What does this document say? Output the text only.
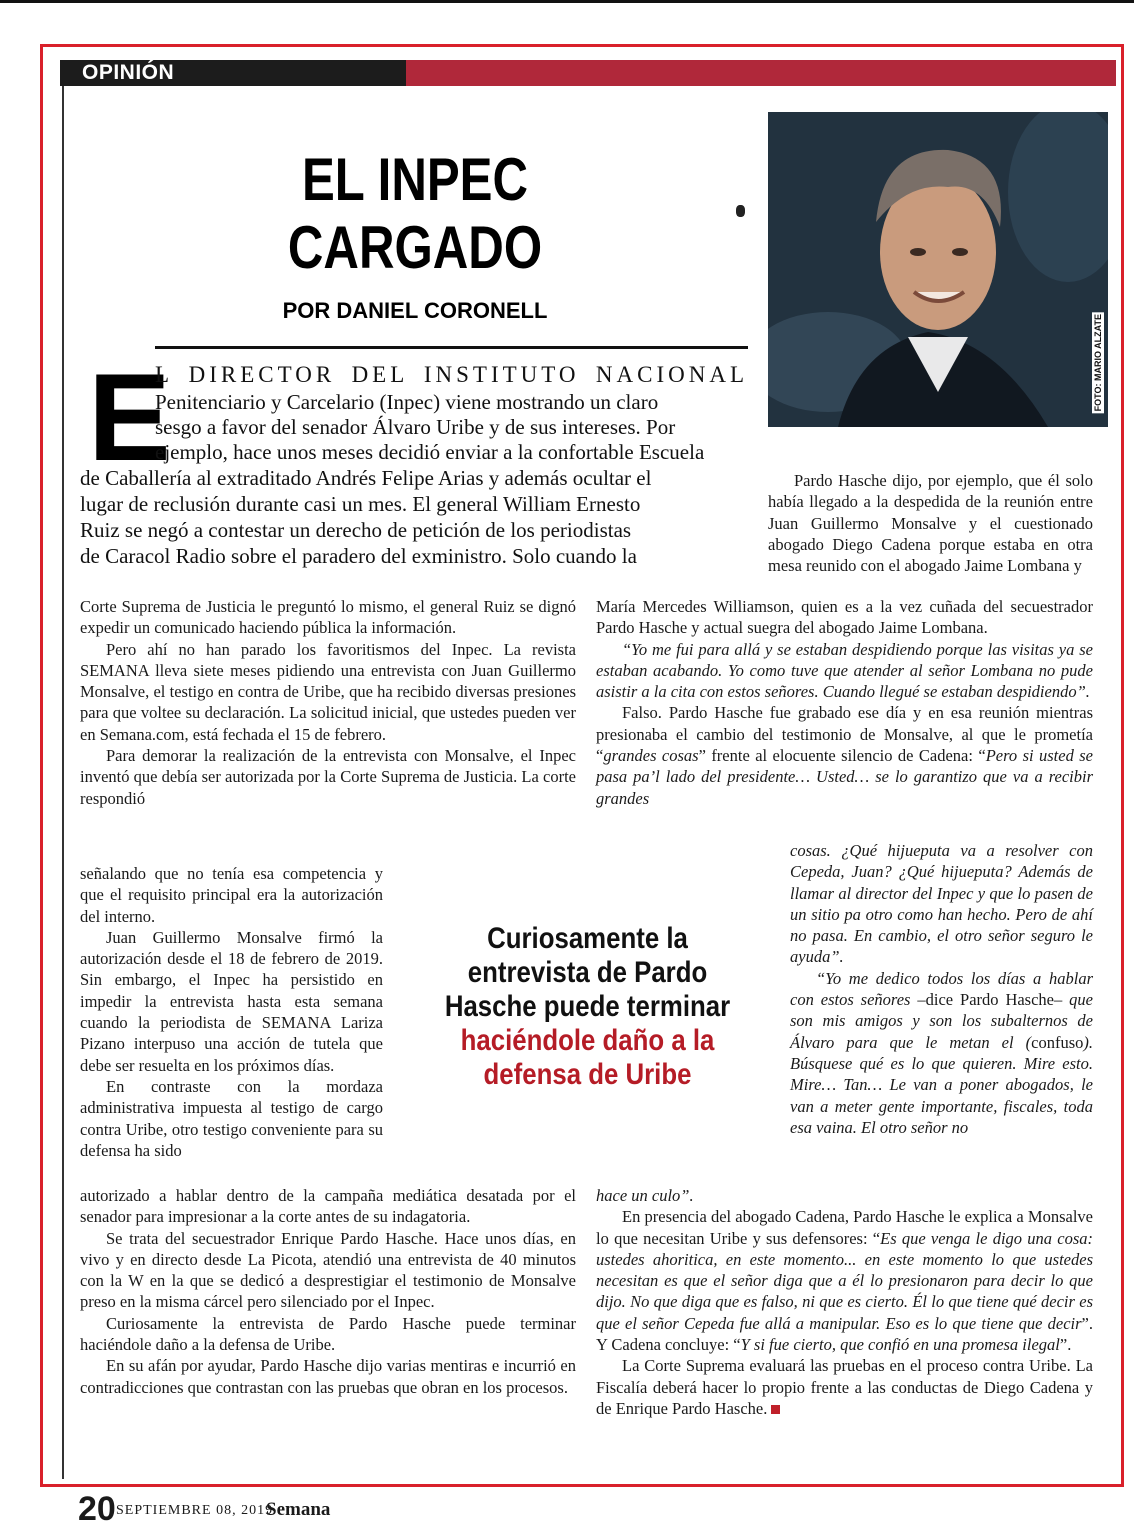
OPINIÓN
EL INPEC
CARGADO
POR DANIEL CORONELL
FOTO: MARIO ALZATE
E
L DIRECTOR DEL INSTITUTO NACIONAL
Penitenciario y Carcelario (Inpec) viene mostrando un claro
sesgo a favor del senador Álvaro Uribe y de sus intereses. Por
ejemplo, hace unos meses decidió enviar a la confortable Escuela
de Caballería al extraditado Andrés Felipe Arias y además ocultar el
lugar de reclusión durante casi un mes. El general William Ernesto
Ruiz se negó a contestar un derecho de petición de los periodistas
de Caracol Radio sobre el paradero del exministro. Solo cuando la

Corte Suprema de Justicia le preguntó lo mismo, el general Ruiz se dignó expedir un comunicado haciendo pública la información.

Pero ahí no han parado los favoritismos del Inpec. La revista SEMANA lleva siete meses pidiendo una entrevista con Juan Guillermo Monsalve, el testigo en contra de Uribe, que ha recibido diversas presiones para que voltee su declaración. La solicitud inicial, que ustedes pueden ver en Semana.com, está fechada el 15 de febrero.

Para demorar la realización de la entrevista con Monsalve, el Inpec inventó que debía ser autorizada por la Corte Suprema de Justicia. La corte respondió

señalando que no tenía esa competencia y que el requisito principal era la autorización del interno.

Juan Guillermo Monsalve firmó la autorización desde el 18 de febrero de 2019. Sin embargo, el Inpec ha persistido en impedir la entrevista hasta esta semana cuando la periodista de SEMANA Lariza Pizano interpuso una acción de tutela que debe ser resuelta en los próximos días.

En contraste con la mordaza administrativa impuesta al testigo de cargo contra Uribe, otro testigo conveniente para su defensa ha sido

autorizado a hablar dentro de la campaña mediática desatada por el senador para impresionar a la corte antes de su indagatoria.

Se trata del secuestrador Enrique Pardo Hasche. Hace unos días, en vivo y en directo desde La Picota, atendió una entrevista de 40 minutos con la W en la que se dedicó a desprestigiar el testimonio de Monsalve preso en la misma cárcel pero silenciado por el Inpec.

Curiosamente la entrevista de Pardo Hasche puede terminar haciéndole daño a la defensa de Uribe.

En su afán por ayudar, Pardo Hasche dijo varias mentiras e incurrió en contradicciones que contrastan con las pruebas que obran en los procesos.

Curiosamente la entrevista de Pardo Hasche puede terminar haciéndole daño a la defensa de Uribe

Pardo Hasche dijo, por ejemplo, que él solo había llegado a la despedida de la reunión entre Juan Guillermo Monsalve y el cuestionado abogado Diego Cadena porque estaba en otra mesa reunido con el abogado Jaime Lombana y

María Mercedes Williamson, quien es a la vez cuñada del secuestrador Pardo Hasche y actual suegra del abogado Jaime Lombana.

“Yo me fui para allá y se estaban despidiendo porque las visitas ya se estaban acabando. Yo como tuve que atender al señor Lombana no pude asistir a la cita con estos señores. Cuando llegué se estaban despidiendo”.

Falso. Pardo Hasche fue grabado ese día y en esa reunión mientras presionaba el cambio del testimonio de Monsalve, al que le prometía “grandes cosas” frente al elocuente silencio de Cadena: “Pero si usted se pasa pa’l lado del presidente… Usted… se lo garantizo que va a recibir grandes

cosas. ¿Qué hijueputa va a resolver con Cepeda, Juan? ¿Qué hijueputa? Además de llamar al director del Inpec y que lo pasen de un sitio pa otro como han hecho. Pero de ahí no pasa. En cambio, el otro señor seguro le ayuda”.

“Yo me dedico todos los días a hablar con estos señores –dice Pardo Hasche– que son mis amigos y son los subalternos de Álvaro para que le metan el (confuso). Búsquese qué es lo que quieren. Mire esto. Mire… Tan… Le van a poner abogados, le van a meter gente importante, fiscales, toda esa vaina. El otro señor no

hace un culo”.

En presencia del abogado Cadena, Pardo Hasche le explica a Monsalve lo que necesitan Uribe y sus defensores: “Es que venga le digo una cosa: ustedes ahoritica, en este momento... en este momento lo que ustedes necesitan es que el señor diga que a él lo presionaron para decir lo que dijo. No que diga que es falso, ni que es cierto. Él lo que tiene qué decir es que el señor Cepeda fue allá a manipular. Eso es lo que tiene que decir”. Y Cadena concluye: “Y si fue cierto, que confió en una promesa ilegal”.

La Corte Suprema evaluará las pruebas en el proceso contra Uribe. La Fiscalía deberá hacer lo propio frente a las conductas de Diego Cadena y de Enrique Pardo Hasche.

20 SEPTIEMBRE 08, 2019
Semana
